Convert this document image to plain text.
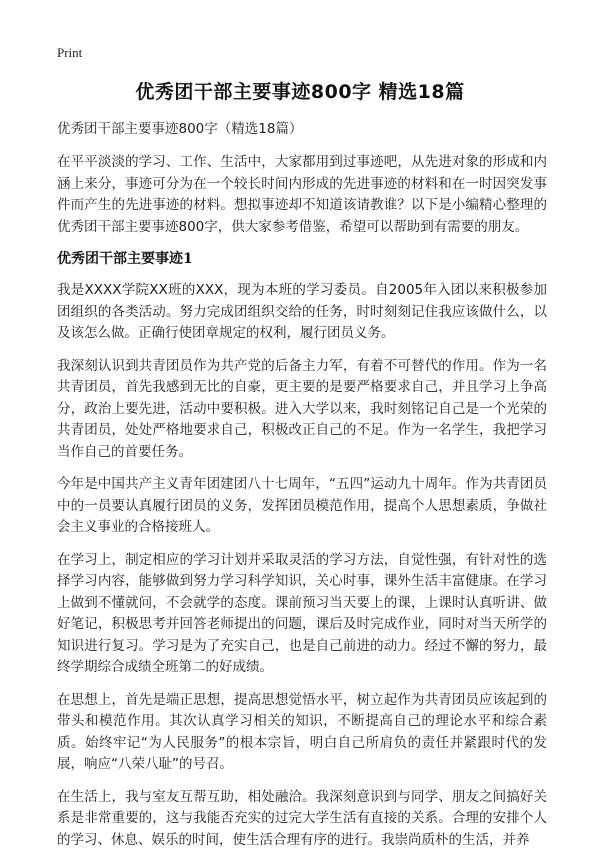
Print
优秀团干部主要事迹800字 精选18篇

优秀团干部主要事迹800字（精选18篇）

在平平淡淡的学习、工作、生活中，大家都用到过事迹吧，从先进对象的形成和内涵上来分，事迹可分为在一个较长时间内形成的先进事迹的材料和在一时因突发事件而产生的先进事迹的材料。想拟事迹却不知道该请教谁？以下是小编精心整理的优秀团干部主要事迹800字，供大家参考借鉴，希望可以帮助到有需要的朋友。

优秀团干部主要事迹1

我是XXXX学院XX班的XXX，现为本班的学习委员。自2005年入团以来积极参加团组织的各类活动。努力完成团组织交给的任务，时时刻刻记住我应该做什么，以及该怎么做。正确行使团章规定的权利，履行团员义务。

我深刻认识到共青团员作为共产党的后备主力军，有着不可替代的作用。作为一名共青团员，首先我感到无比的自豪，更主要的是要严格要求自己，并且学习上争高分，政治上要先进，活动中要积极。进入大学以来，我时刻铭记自己是一个光荣的共青团员，处处严格地要求自己，积极改正自己的不足。作为一名学生，我把学习当作自己的首要任务。

今年是中国共产主义青年团建团八十七周年，“五四”运动九十周年。作为共青团员中的一员要认真履行团员的义务，发挥团员模范作用，提高个人思想素质，争做社会主义事业的合格接班人。

在学习上，制定相应的学习计划并采取灵活的学习方法，自觉性强，有针对性的选择学习内容，能够做到努力学习科学知识，关心时事，课外生活丰富健康。在学习上做到不懂就问，不会就学的态度。课前预习当天要上的课，上课时认真听讲、做好笔记，积极思考并回答老师提出的问题，课后及时完成作业，同时对当天所学的知识进行复习。学习是为了充实自己，也是自己前进的动力。经过不懈的努力，最终学期综合成绩全班第二的好成绩。

在思想上，首先是端正思想，提高思想觉悟水平，树立起作为共青团员应该起到的带头和模范作用。其次认真学习相关的知识，不断提高自己的理论水平和综合素质。始终牢记“为人民服务”的根本宗旨，明白自己所肩负的责任并紧跟时代的发展，响应“八荣八耻”的号召。

在生活上，我与室友互帮互助，相处融洽。我深刻意识到与同学、朋友之间搞好关系是非常重要的，这与我能否充实的过完大学生活有直接的关系。合理的安排个人的学习、休息、娱乐的时间，使生活合理有序的进行。我崇尚质朴的生活，并养
